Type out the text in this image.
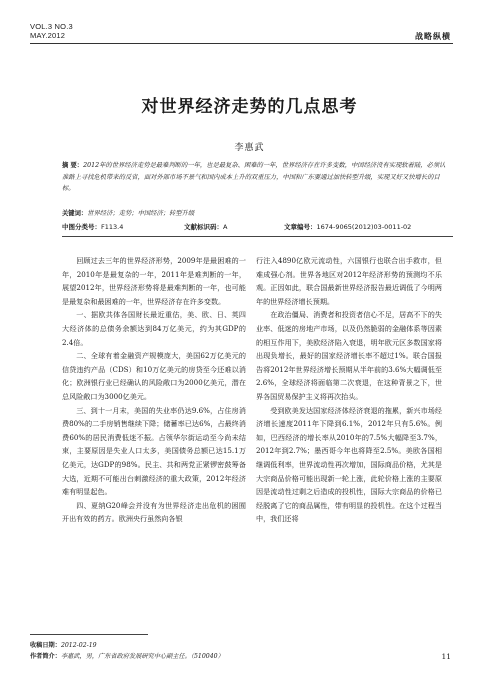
VOL.3 NO.3
MAY.2012	战略纵横
对世界经济走势的几点思考
李惠武
摘 要：2012年的世界经济走势是最难判断的一年，也是最复杂、困难的一年，世界经济存在许多变数，中国经济没有实现软着陆，必须认准路上寻找危机带来的反省，面对外部市场不景气和国内成本上升的双重压力，中国和广东要通过加快转型升级，实现又好又快增长的目标。
关键词：世界经济；走势；中国经济；转型升级
中图分类号：F113.4	文献标识码：A	文章编号：1674-9065(2012)03-0011-02

回顾过去三年的世界经济形势，2009年是最困难的一年，2010年是最复杂的一年，2011年是难判断的一年，展望2012年，世界经济形势将是最难判断的一年，也可能是最复杂和最困难的一年，世界经济存在许多变数。

一、据欧共体各国财长最近重估，美、欧、日、英四大经济体的总债务余额达到84万亿美元，约为其GDP的2.4倍。

二、全球有着金融资产规模庞大，美国62万亿美元的信贷违约产品（CDS）和10万亿美元的房贷至今还难以消化；欧洲银行业已经确认的风险敞口为2000亿美元，潜在总风险敞口为3000亿美元。

三、到十一月末，美国的失业率仍达9.6%，占住房消费80%的二手房销售继续下降；储蓄率已达6%，占最终消费60%的居民消费低迷不振。占领华尔街运动至今尚未结束，主要原因是失业人口太多，美国债务总额已达15.1万亿美元，达GDP的98%。民主、共和两党正紧锣密鼓筹备大选，近期不可能出台刺激经济的重大政策，2012年经济难有明显起色。

四、夏纳G20峰会并没有为世界经济走出危机的困囿开出有效的药方。欧洲央行虽然向各银

行注入4890亿欧元流动性，六国银行也联合出手救市，但难成强心剂。世界各地区对2012年经济形势的预测均不乐观。正因如此，联合国最新世界经济报告最近调低了今明两年的世界经济增长预期。

在政治僵局、消费者和投资者信心不足，居高不下的失业率、低迷的房地产市场，以及仍然脆弱的金融体系等因素的相互作用下，美欧经济陷入衰退，明年欧元区多数国家将出现负增长，最好的国家经济增长率不超过1%。联合国报告将2012年世界经济增长预期从半年前的3.6%大幅调低至2.6%，全球经济将面临第二次衰退，在这种背景之下，世界各国贸易保护主义将再次抬头。

受到欧美发达国家经济体经济衰退的拖累，新兴市场经济增长速度2011年下降到6.1%，2012年只有5.6%。例如，巴西经济的增长率从2010年的7.5%大幅降至3.7%，2012年到2.7%；墨西哥今年也将降至2.5%。美欧各国相继调低利率，世界流动性再次增加，国际商品价格，尤其是大宗商品价格可能出现新一轮上涨，此轮价格上涨的主要原因是流动性过剩之后造成的投机性，国际大宗商品的价格已经脱离了它的商品属性，带有明显的投机性。在这个过程当中，我们还将

收稿日期：2012-02-19
作者简介：李惠武，男，广东省政府发展研究中心副主任。（510040）	11
